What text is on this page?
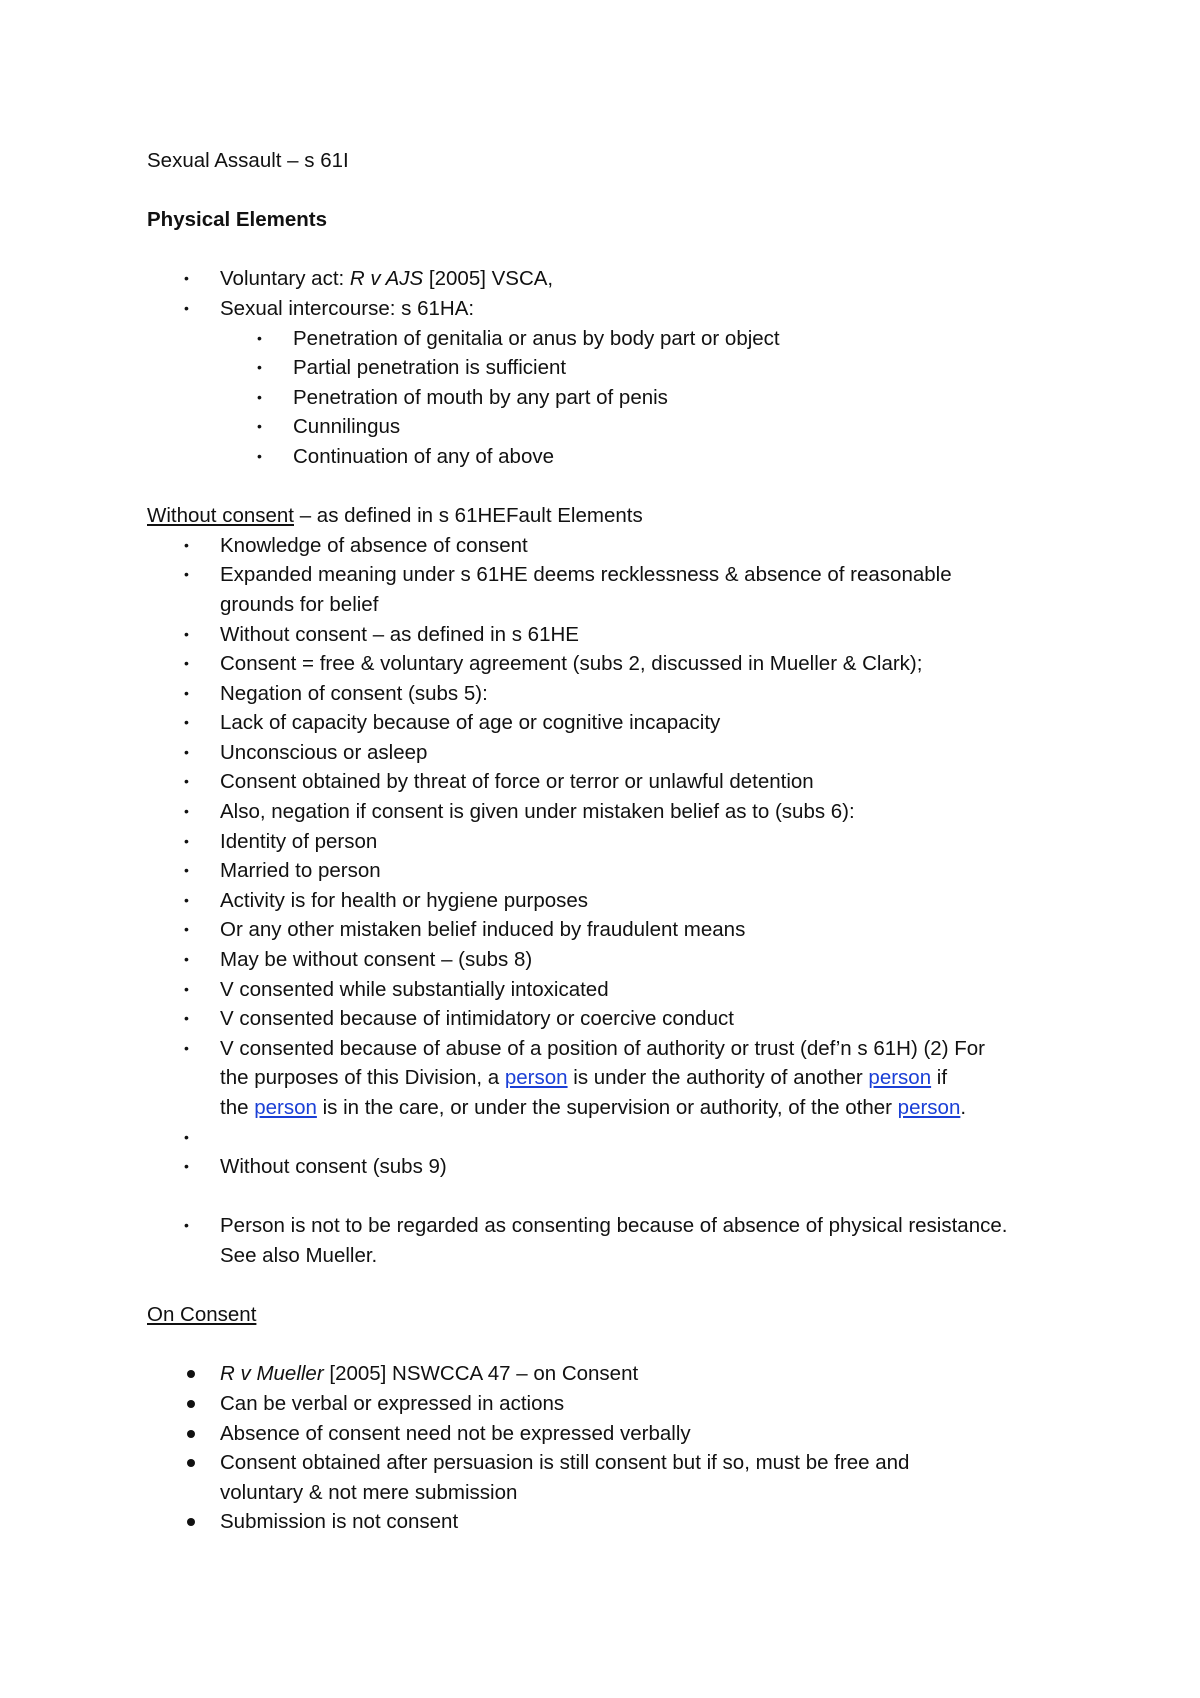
Sexual Assault – s 61I
Physical Elements
•	Voluntary act: R v AJS [2005] VSCA,
•	Sexual intercourse: s 61HA:
•	Penetration of genitalia or anus by body part or object
•	Partial penetration is sufficient
•	Penetration of mouth by any part of penis
•	Cunnilingus
•	Continuation of any of above
Without consent – as defined in s 61HEFault Elements
•	Knowledge of absence of consent
•	Expanded meaning under s 61HE deems recklessness & absence of reasonable
grounds for belief
•	Without consent – as defined in s 61HE
•	Consent = free & voluntary agreement (subs 2, discussed in Mueller & Clark);
•	Negation of consent (subs 5):
•	Lack of capacity because of age or cognitive incapacity
•	Unconscious or asleep
•	Consent obtained by threat of force or terror or unlawful detention
•	Also, negation if consent is given under mistaken belief as to (subs 6):
•	Identity of person
•	Married to person
•	Activity is for health or hygiene purposes
•	Or any other mistaken belief induced by fraudulent means
•	May be without consent – (subs 8)
•	V consented while substantially intoxicated
•	V consented because of intimidatory or coercive conduct
•	V consented because of abuse of a position of authority or trust (def’n s 61H) (2) For
the purposes of this Division, a person is under the authority of another person if
the person is in the care, or under the supervision or authority, of the other person.
•

•	Without consent (subs 9)
•	Person is not to be regarded as consenting because of absence of physical resistance.
See also Mueller.
On Consent
R v Mueller [2005] NSWCCA 47 – on Consent
Can be verbal or expressed in actions
Absence of consent need not be expressed verbally
Consent obtained after persuasion is still consent but if so, must be free and
voluntary & not mere submission
Submission is not consent
